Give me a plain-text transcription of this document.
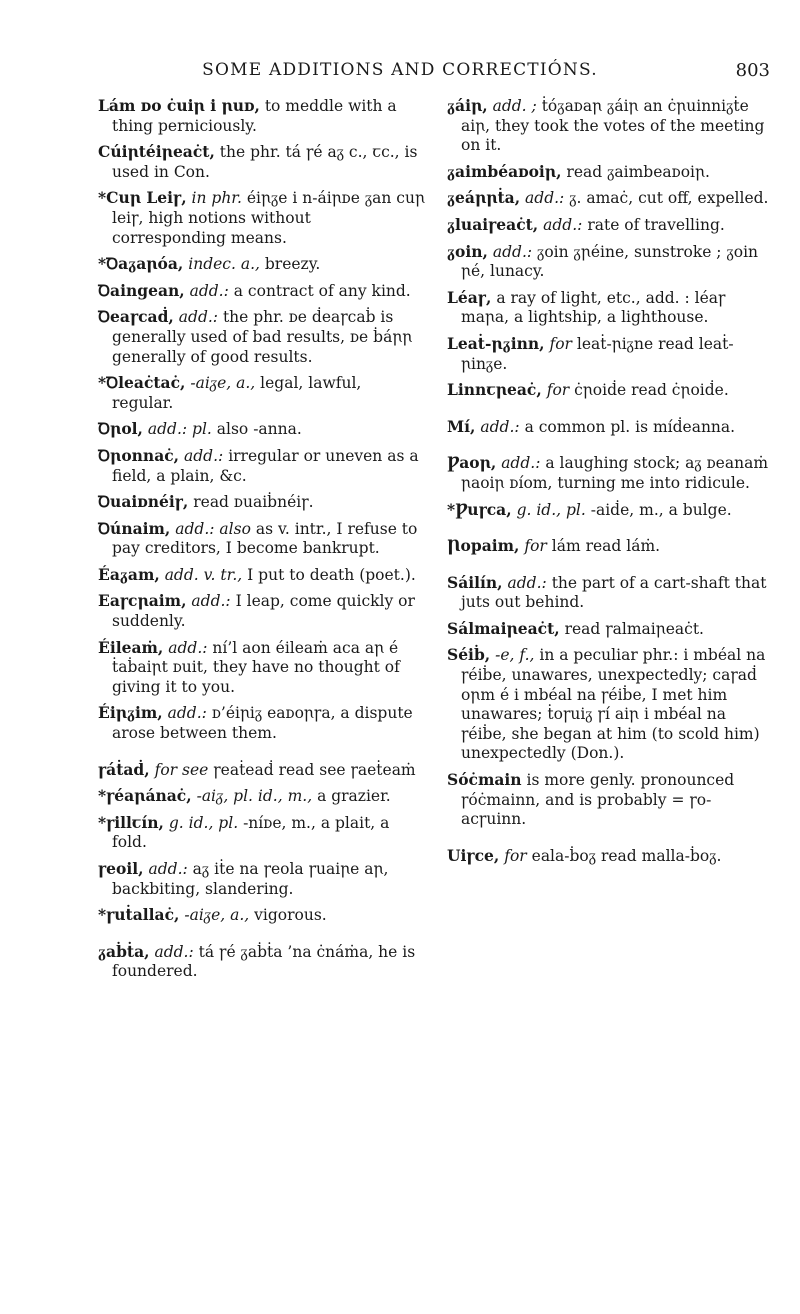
SOME ADDITIONS AND CORRECTIÓNS.	803

Lám ᴅo ċuiꞃ i ꞃuᴅ, to meddle with a thing perniciously.

Cúiꞃtéiꞃeaċt, the phr. tá ꞅé aᵹ c., ꞇc., is used in Con.

*Cuꞃ Leiꞅ, in phr. éiꞃᵹe i n-áiꞃᴅe ᵹan cuꞃ leiꞅ, high notions without corresponding means.

*Ꝺaᵹaꞃóa, indec. a., breezy.

Ꝺaingean, add.: a contract of any kind.

Ꝺeaꞅcaḋ, add.: the phr. ᴅe ḋeaꞅcaḃ is generally used of bad results, ᴅe ḃáꞃꞃ generally of good results.

*Ꝺleaċtaċ, -aiᵹe, a., legal, lawful, regular.

Ꝺꞃol, add.: pl. also -anna.

Ꝺꞃonnaċ, add.: irregular or uneven as a field, a plain, &c.

Ꝺuaiᴅnéiꞅ, read ᴅuaiḃnéiꞅ.

Ꝺúnaim, add.: also as v. intr., I refuse to pay creditors, I become bankrupt.

Éaᵹam, add. v. tr., I put to death (poet.).

Eaꞅcꞃaim, add.: I leap, come quickly or suddenly.

Éileaṁ, add.: ní’l aon éileaṁ aca aꞃ é ṫaḃaiꞃt ᴅuit, they have no thought of giving it to you.

Éiꞃᵹim, add.: ᴅ’éiꞃiᵹ eaᴅoꞃꞅa, a dispute arose between them.

ꞅáṫaḋ, for see ꞅeaṫeaḋ read see ꞅaeṫeaṁ

*ꞅéaꞃánaċ, -aiᵹ, pl. id., m., a grazier.

*ꞅillꞇín, g. id., pl. -níᴅe, m., a plait, a fold.

ꞅeoil, add.: aᵹ iṫe na ꞅeola ꞅuaiꞃe aꞃ, backbiting, slandering.

*ꞅuṫallaċ, -aiᵹe, a., vigorous.

ᵹaḃṫa, add.: tá ꞅé ᵹaḃṫa ’na ċnáṁa, he is foundered.

ᵹáiꞃ, add. ; ṫóᵹaᴅaꞃ ᵹáiꞃ an ċꞃuinniᵹṫe aiꞃ, they took the votes of the meeting on it.

ᵹaimbéaᴅoiꞃ, read ᵹaimbeaᴅoiꞃ.

ᵹeáꞃꞃṫa, add.: ᵹ. amaċ, cut off, expelled.

ᵹluaiꞅeaċt, add.: rate of travelling.

ᵹoin, add.: ᵹoin ᵹꞃéine, sunstroke ; ᵹoin ꞃé, lunacy.

Léaꞅ, a ray of light, etc., add. : léaꞅ maꞃa, a lightship, a lighthouse.

Leaṫ-ꞃᵹinn, for leaṫ-ꞃiᵹne read leaṫ-ꞃinᵹe.

Linnꞇꞃeaċ, for ċꞃoiḋe read ċꞃoiḋe.

Mí, add.: a common pl. is míḋeanna.

Ƿaoꞃ, add.: a laughing stock; aᵹ ᴅeanaṁ ꞃaoiꞃ ᴅíom, turning me into ridicule.

*Ƿuꞅca, g. id., pl. -aiḋe, m., a bulge.

Ꞃopaim, for lám read láṁ.

Sáilín, add.: the part of a cart-shaft that juts out behind.

Sálmaiꞃeaċt, read ꞅalmaiꞃeaċt.

Séiḃ, -e, f., in a peculiar phr.: i mbéal na ꞅéiḃe, unawares, unexpectedly; caꞅaḋ oꞃm é i mbéal na ꞅéiḃe, I met him unawares; ṫoꞅuiᵹ ꞅí aiꞃ i mbéal na ꞅéiḃe, she began at him (to scold him) unexpectedly (Don.).

Sóċmain is more genly. pronounced ꞅóċmainn, and is probably = ꞅo-acꞅuinn.

Uiꞅce, for eala-ḃoᵹ read malla-ḃoᵹ.
